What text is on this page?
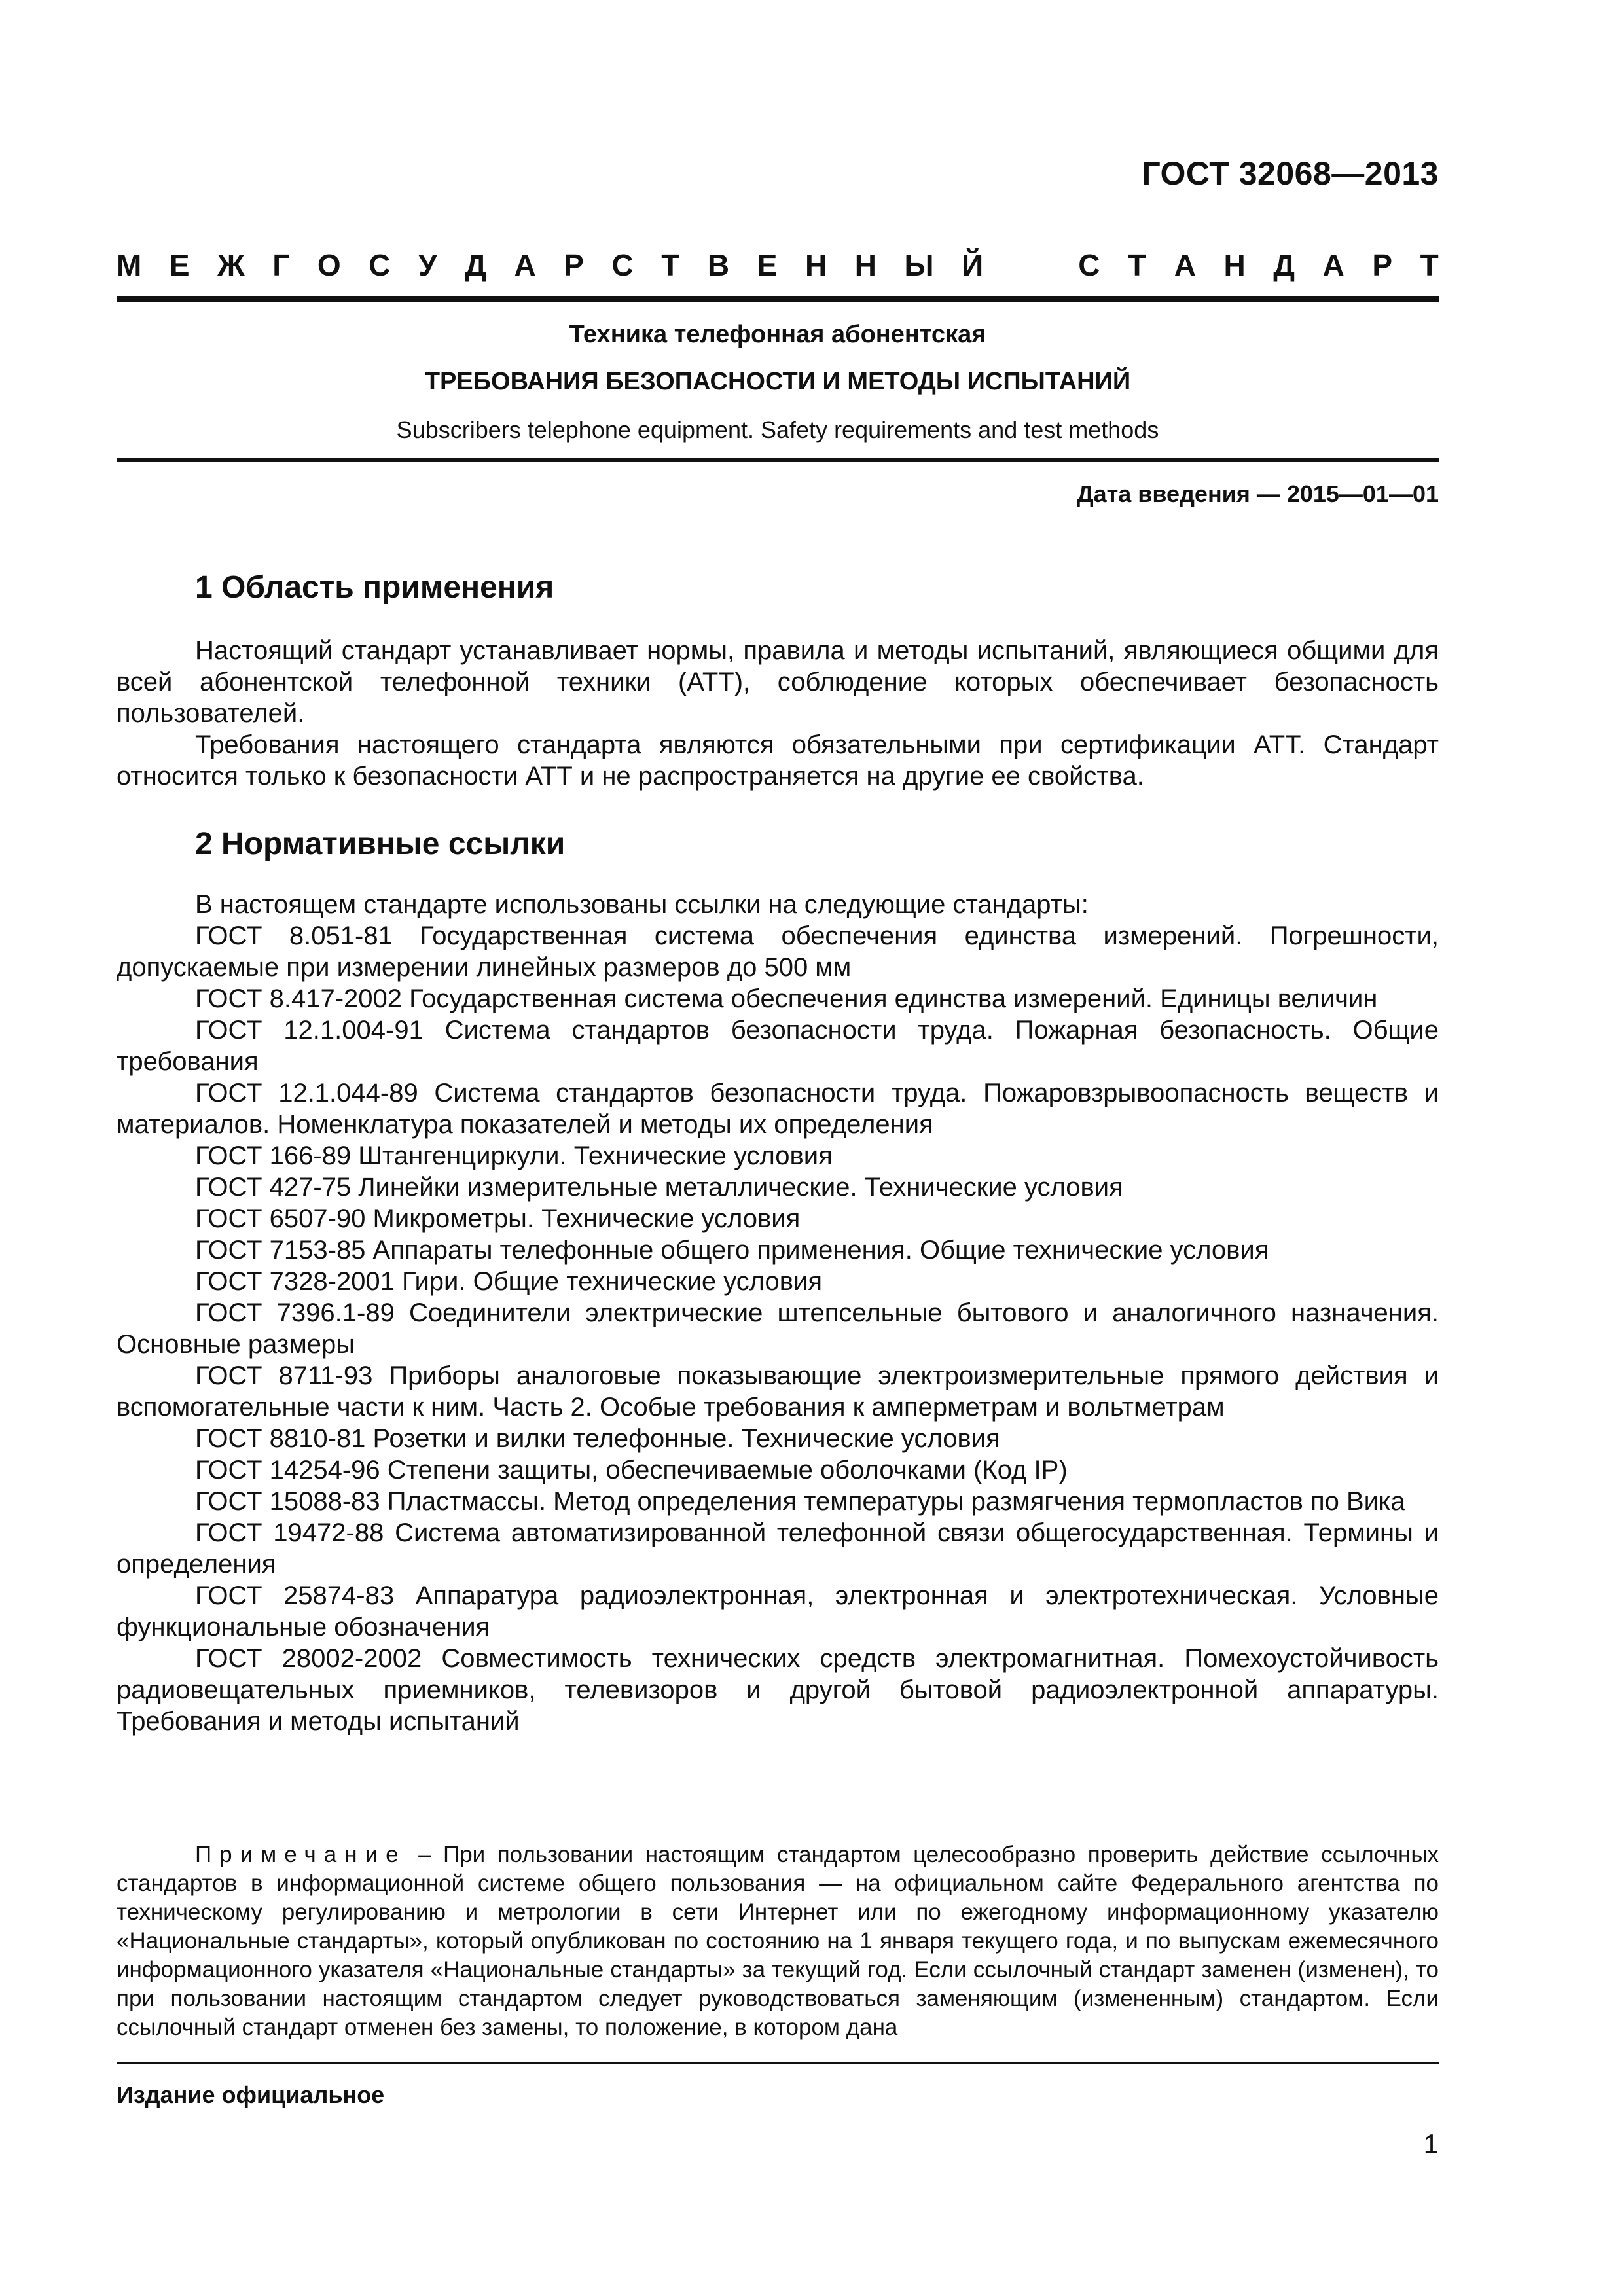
ГОСТ 32068—2013
М Е Ж Г О С У Д А Р С Т В Е Н Н Ы Й	С Т А Н Д А Р Т
Техника телефонная абонентская
ТРЕБОВАНИЯ БЕЗОПАСНОСТИ И МЕТОДЫ ИСПЫТАНИЙ
Subscribers telephone equipment. Safety requirements and test methods
Дата введения — 2015—01—01
1 Область применения
Настоящий стандарт устанавливает нормы, правила и методы испытаний, являющиеся общими для всей абонентской телефонной техники (АТТ), соблюдение которых обеспечивает безопасность пользователей.
Требования настоящего стандарта являются обязательными при сертификации АТТ. Стандарт относится только к безопасности АТТ и не распространяется на другие ее свойства.
2 Нормативные ссылки

В настоящем стандарте использованы ссылки на следующие стандарты:

ГОСТ 8.051-81 Государственная система обеспечения единства измерений. Погрешности, допускаемые при измерении линейных размеров до 500 мм

ГОСТ 8.417-2002 Государственная система обеспечения единства измерений. Единицы величин

ГОСТ 12.1.004-91 Система стандартов безопасности труда. Пожарная безопасность. Общие требования

ГОСТ 12.1.044-89 Система стандартов безопасности труда. Пожаровзрывоопасность веществ и материалов. Номенклатура показателей и методы их определения

ГОСТ 166-89 Штангенциркули. Технические условия

ГОСТ 427-75 Линейки измерительные металлические. Технические условия

ГОСТ 6507-90 Микрометры. Технические условия

ГОСТ 7153-85 Аппараты телефонные общего применения. Общие технические условия

ГОСТ 7328-2001 Гири. Общие технические условия

ГОСТ 7396.1-89 Соединители электрические штепсельные бытового и аналогичного назначения. Основные размеры

ГОСТ 8711-93 Приборы аналоговые показывающие электроизмерительные прямого действия и вспомогательные части к ним. Часть 2. Особые требования к амперметрам и вольтметрам

ГОСТ 8810-81 Розетки и вилки телефонные. Технические условия

ГОСТ 14254-96 Степени защиты, обеспечиваемые оболочками (Код IP)

ГОСТ 15088-83 Пластмассы. Метод определения температуры размягчения термопластов по Вика

ГОСТ 19472-88 Система автоматизированной телефонной связи общегосударственная. Термины и определения

ГОСТ 25874-83 Аппаратура радиоэлектронная, электронная и электротехническая. Условные функциональные обозначения

ГОСТ 28002-2002 Совместимость технических средств электромагнитная. Помехоустойчивость радиовещательных приемников, телевизоров и другой бытовой радиоэлектронной аппаратуры. Требования и методы испытаний

Примечание – При пользовании настоящим стандартом целесообразно проверить действие ссылочных стандартов в информационной системе общего пользования — на официальном сайте Федерального агентства по техническому регулированию и метрологии в сети Интернет или по ежегодному информационному указателю «Национальные стандарты», который опубликован по состоянию на 1 января текущего года, и по выпускам ежемесячного информационного указателя «Национальные стандарты» за текущий год. Если ссылочный стандарт заменен (изменен), то при пользовании настоящим стандартом следует руководствоваться заменяющим (измененным) стандартом. Если ссылочный стандарт отменен без замены, то положение, в котором дана
Издание официальное
1
